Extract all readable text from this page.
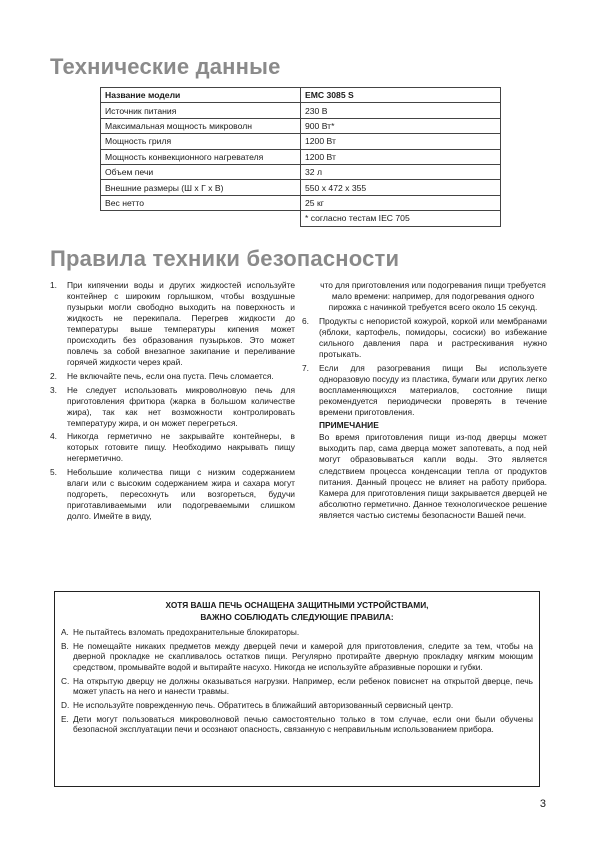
Технические данные
Название модели	EMC 3085 S
Источник питания	230 В
Максимальная мощность микроволн	900 Вт*
Мощность гриля	1200 Вт
Мощность конвекционного нагревателя	1200 Вт
Объем печи	32 л
Внешние размеры (Ш х Г х В)	550 х 472 х 355
Вес нетто	25 кг
	* согласно тестам IEC 705
Правила техники безопасности
1. При кипячении воды и других жидкостей используйте контейнер с широким горлышком, чтобы воздушные пузырьки могли свободно выходить на поверхность и жидкость не перекипала. Перегрев жидкости до температуры выше температуры кипения может происходить без образования пузырьков. Это может повлечь за собой внезапное закипание и переливание горячей жидкости через край.
2. Не включайте печь, если она пуста. Печь сломается.
3. Не следует использовать микроволновую печь для приготовления фритюра (жарка в большом количестве жира), так как нет возможности контролировать температуру жира, и он может перегреться.
4. Никогда герметично не закрывайте контейнеры, в которых готовите пищу. Необходимо накрывать пищу негерметично.
5. Небольшие количества пищи с низким содержанием влаги или с высоким содержанием жира и сахара могут подгореть, пересохнуть или возгореться, будучи приготавливаемыми или подогреваемыми слишком долго. Имейте в виду,
что для приготовления или подогревания пищи требуется мало времени: например, для подогревания одного пирожка с начинкой требуется всего около 15 секунд.
6. Продукты с непористой кожурой, коркой или мембранами (яблоки, картофель, помидоры, сосиски) во избежание сильного давления пара и растрескивания нужно протыкать.
7. Если для разогревания пищи Вы используете одноразовую посуду из пластика, бумаги или других легко воспламеняющихся материалов, состояние пищи рекомендуется периодически проверять в течение времени приготовления.
ПРИМЕЧАНИЕ

Во время приготовления пищи из-под дверцы может выходить пар, сама дверца может запотевать, а под ней могут образовываться капли воды. Это является следствием процесса конденсации тепла от продуктов питания. Данный процесс не влияет на работу прибора. Камера для приготовления пищи закрывается дверцей не абсолютно герметично. Данное технологическое решение является частью системы безопасности Вашей печи.

ХОТЯ ВАША ПЕЧЬ ОСНАЩЕНА ЗАЩИТНЫМИ УСТРОЙСТВАМИ,
ВАЖНО СОБЛЮДАТЬ СЛЕДУЮЩИЕ ПРАВИЛА:
A. Не пытайтесь взломать предохранительные блокираторы.
B. Не помещайте никаких предметов между дверцей печи и камерой для приготовления, следите за тем, чтобы на дверной прокладке не скапливалось остатков пищи. Регулярно протирайте дверную прокладку мягким моющим средством, промывайте водой и вытирайте насухо. Никогда не используйте абразивные порошки и губки.
C. На открытую дверцу не должны оказываться нагрузки. Например, если ребенок повиснет на открытой дверце, печь может упасть на него и нанести травмы.
D. Не используйте поврежденную печь. Обратитесь в ближайший авторизованный сервисный центр.
E. Дети могут пользоваться микроволновой печью самостоятельно только в том случае, если они были обучены безопасной эксплуатации печи и осознают опасность, связанную с неправильным использованием прибора.
3
